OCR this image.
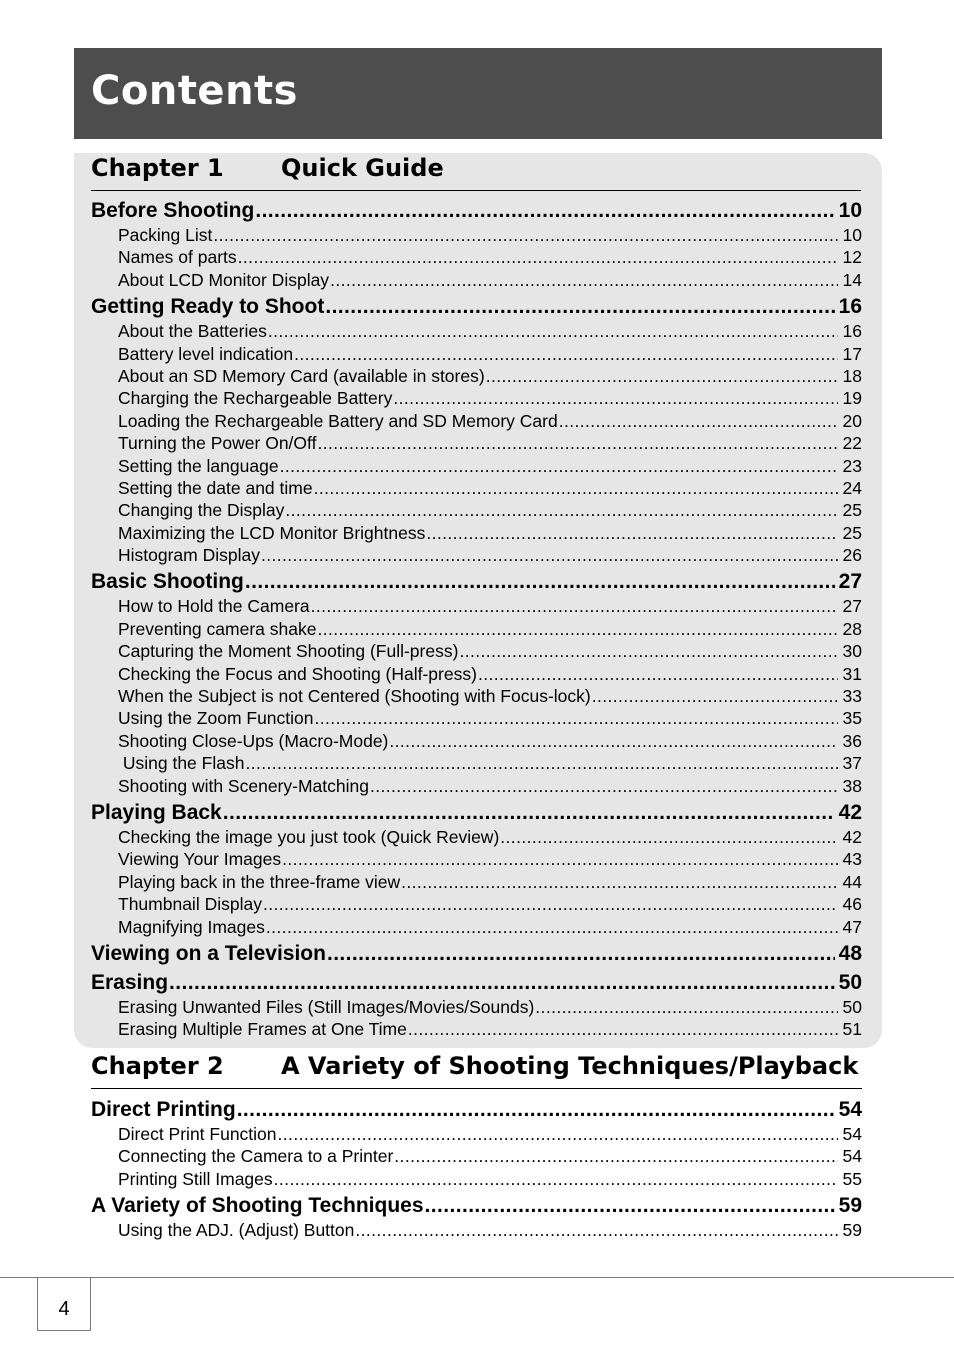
Contents
Chapter 1 Quick Guide
Before Shooting .....	10
Packing List .....	10
Names of parts .....	12
About LCD Monitor Display .....	14
Getting Ready to Shoot .....	16
About the Batteries .....	16
Battery level indication .....	17
About an SD Memory Card (available in stores) .....	18
Charging the Rechargeable Battery .....	19
Loading the Rechargeable Battery and SD Memory Card .....	20
Turning the Power On/Off .....	22
Setting the language .....	23
Setting the date and time .....	24
Changing the Display .....	25
Maximizing the LCD Monitor Brightness .....	25
Histogram Display .....	26
Basic Shooting .....	27
How to Hold the Camera .....	27
Preventing camera shake .....	28
Capturing the Moment Shooting (Full-press) .....	30
Checking the Focus and Shooting (Half-press) .....	31
When the Subject is not Centered (Shooting with Focus-lock) .....	33
Using the Zoom Function .....	35
Shooting Close-Ups (Macro-Mode) .....	36
Using the Flash .....	37
Shooting with Scenery-Matching .....	38
Playing Back .....	42
Checking the image you just took (Quick Review) .....	42
Viewing Your Images .....	43
Playing back in the three-frame view .....	44
Thumbnail Display .....	46
Magnifying Images .....	47
Viewing on a Television .....	48
Erasing .....	50
Erasing Unwanted Files (Still Images/Movies/Sounds) .....	50
Erasing Multiple Frames at One Time .....	51
Chapter 2 A Variety of Shooting Techniques/Playback
Direct Printing .....	54
Direct Print Function .....	54
Connecting the Camera to a Printer .....	54
Printing Still Images .....	55
A Variety of Shooting Techniques .....	59
Using the ADJ. (Adjust) Button .....	59
4
